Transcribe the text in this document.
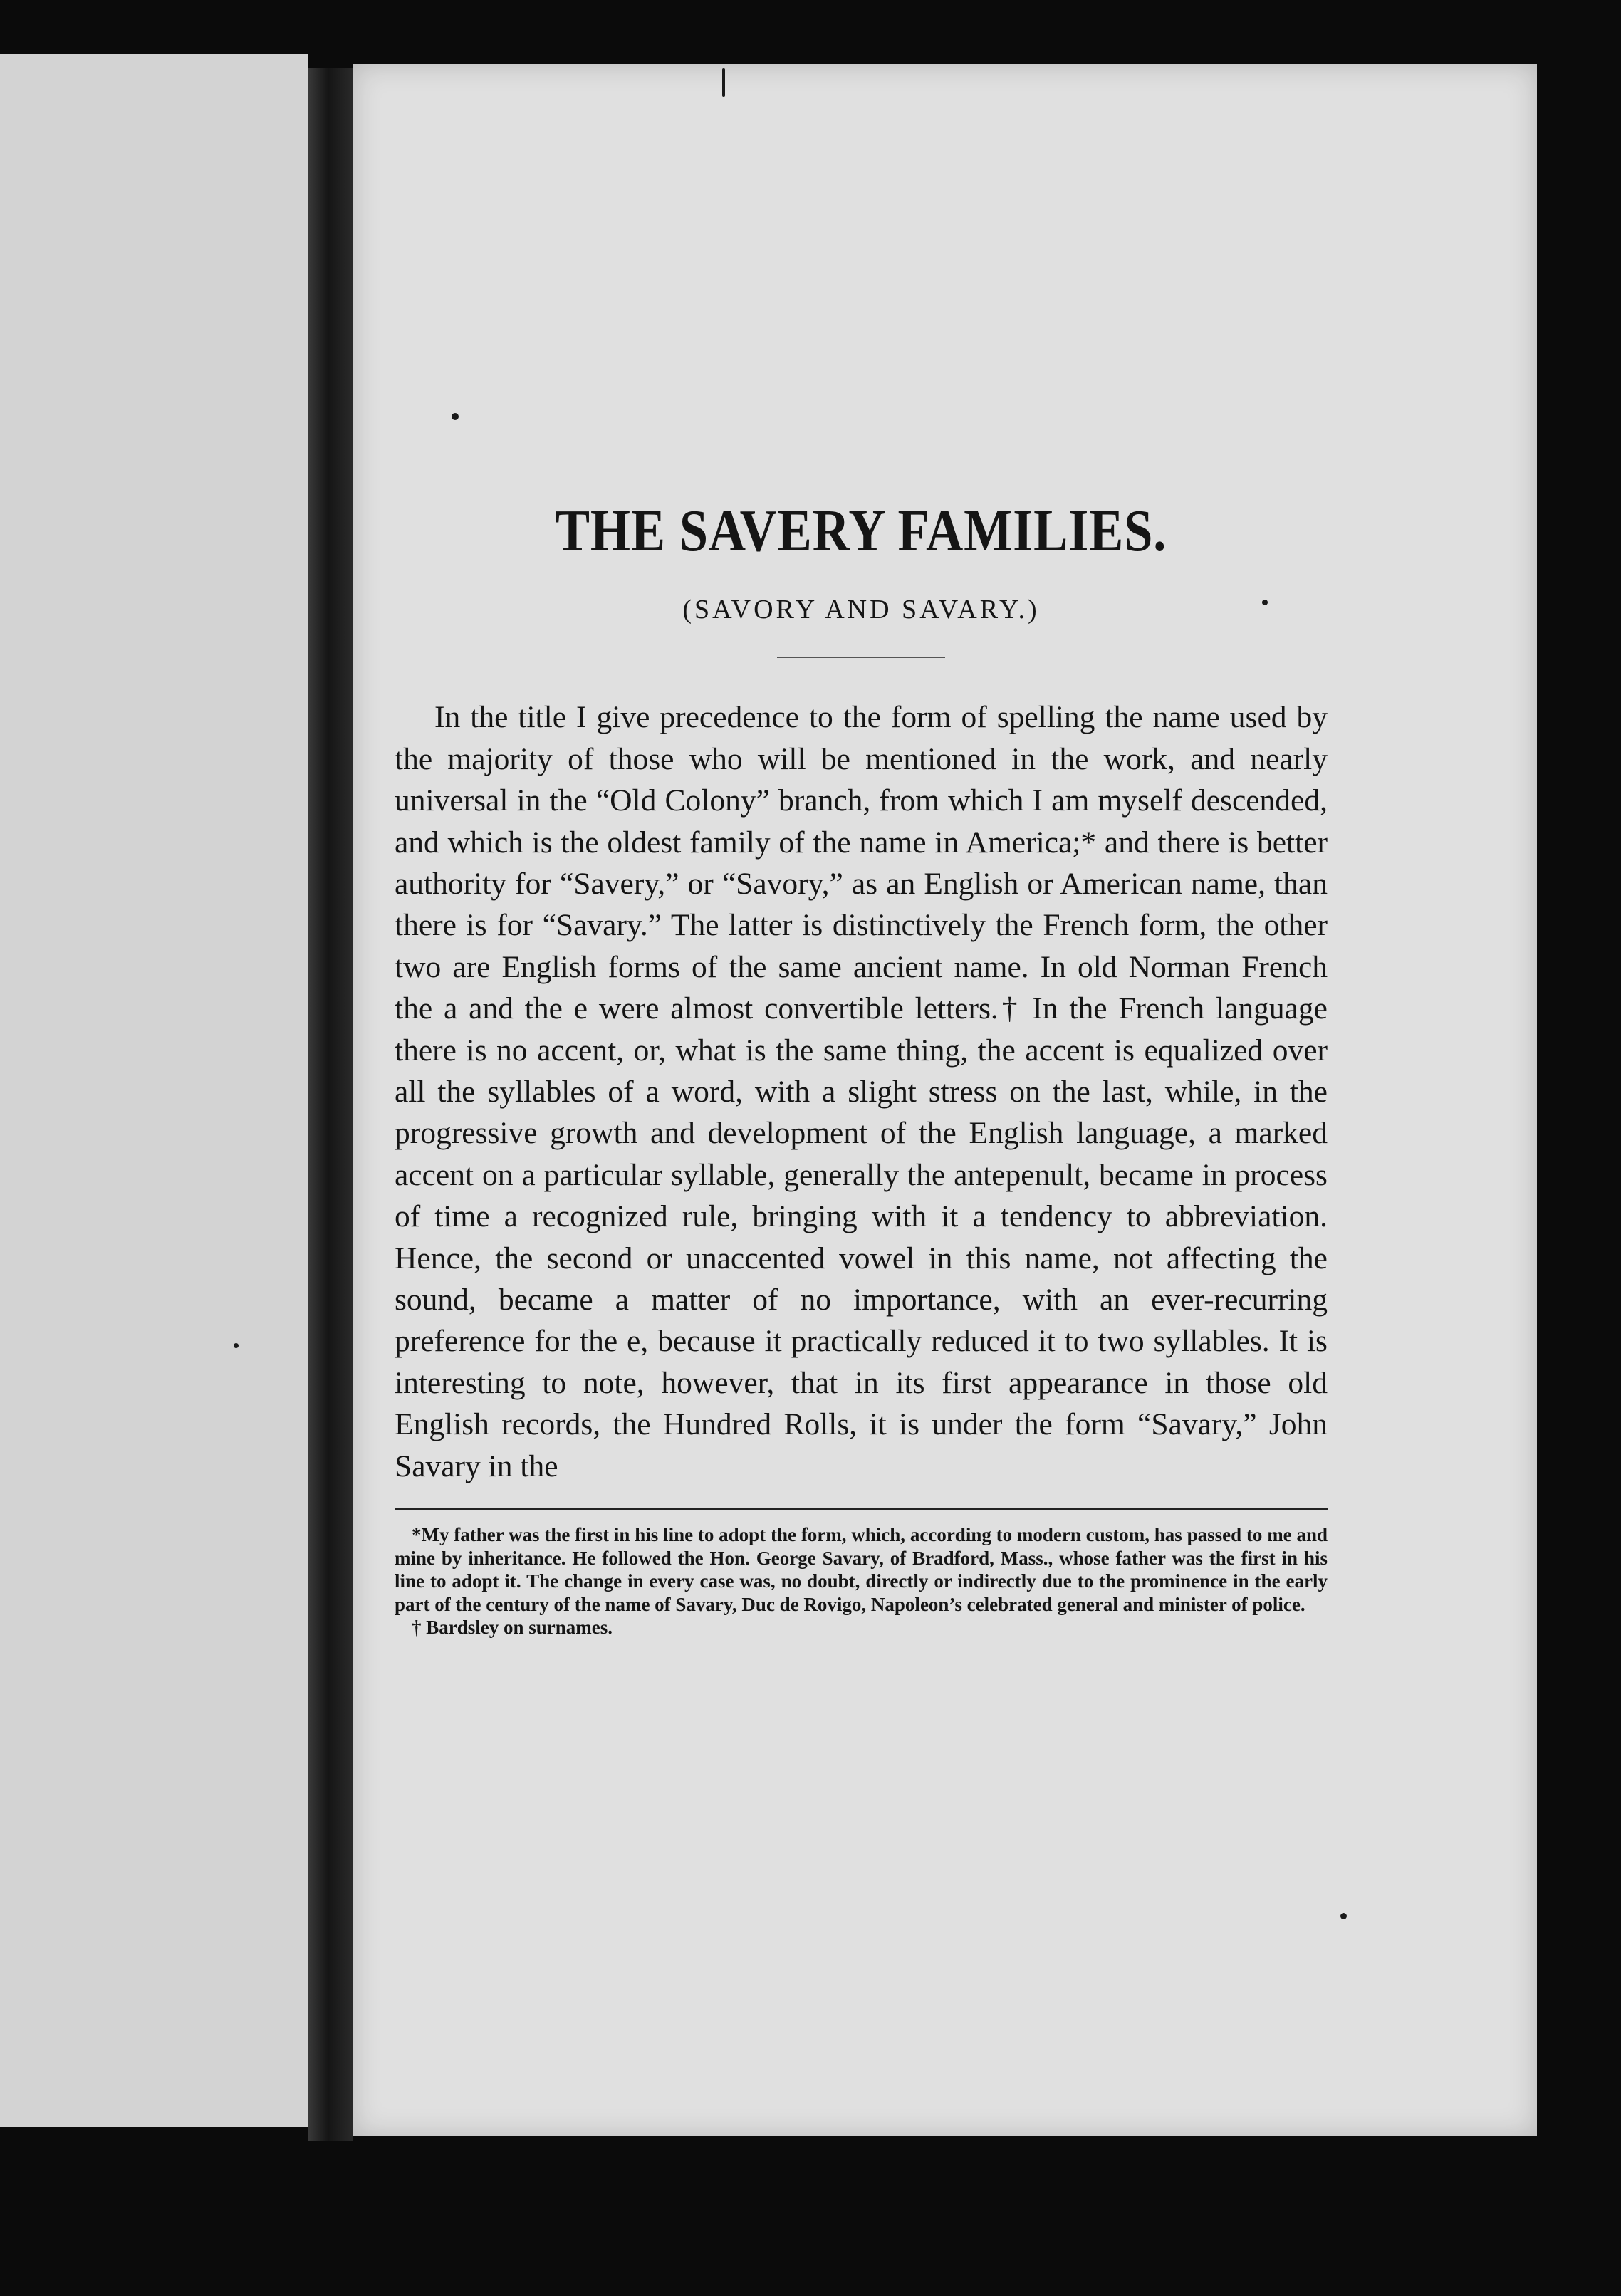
THE SAVERY FAMILIES.
(SAVORY AND SAVARY.)

In the title I give precedence to the form of spelling the name used by the majority of those who will be mentioned in the work, and nearly universal in the “Old Colony” branch, from which I am myself descended, and which is the oldest family of the name in America;* and there is better authority for “Savery,” or “Savory,” as an English or American name, than there is for “Savary.” The latter is distinctively the French form, the other two are English forms of the same ancient name. In old Norman French the a and the e were almost convertible letters.† In the French language there is no accent, or, what is the same thing, the accent is equalized over all the syllables of a word, with a slight stress on the last, while, in the progressive growth and development of the English language, a marked accent on a particular syllable, generally the antepenult, became in process of time a recognized rule, bringing with it a tendency to abbreviation. Hence, the second or unaccented vowel in this name, not affecting the sound, became a matter of no importance, with an ever-recurring preference for the e, because it practically reduced it to two syllables. It is interesting to note, however, that in its first appearance in those old English records, the Hundred Rolls, it is under the form “Savary,” John Savary in the

*My father was the first in his line to adopt the form, which, according to modern custom, has passed to me and mine by inheritance. He followed the Hon. George Savary, of Bradford, Mass., whose father was the first in his line to adopt it. The change in every case was, no doubt, directly or indirectly due to the prominence in the early part of the century of the name of Savary, Duc de Rovigo, Napoleon’s celebrated general and minister of police.

† Bardsley on surnames.
